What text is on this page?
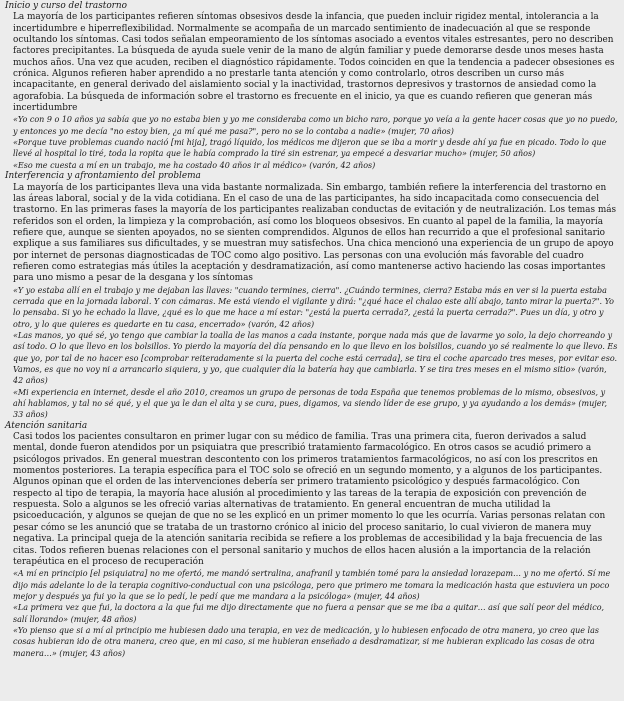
Inicio y curso del trastorno

La mayoría de los participantes refieren síntomas obsesivos desde la infancia, que pueden incluir rigidez mental, intolerancia a la incertidumbre e hiperreflexibilidad. Normalmente se acompaña de un marcado sentimiento de inadecuación al que se responde ocultando los síntomas. Casi todos señalan empeoramiento de los síntomas asociado a eventos vitales estresantes, pero no describen factores precipitantes. La búsqueda de ayuda suele venir de la mano de algún familiar y puede demorarse desde unos meses hasta muchos años. Una vez que acuden, reciben el diagnóstico rápidamente. Todos coinciden en que la tendencia a padecer obsesiones es crónica. Algunos refieren haber aprendido a no prestarle tanta atención y como controlarlo, otros describen un curso más incapacitante, en general derivado del aislamiento social y la inactividad, trastornos depresivos y trastornos de ansiedad como la agorafobia. La búsqueda de información sobre el trastorno es frecuente en el inicio, ya que es cuando refieren que generan más incertidumbre

«Yo con 9 o 10 años ya sabía que yo no estaba bien y yo me consideraba como un bicho raro, porque yo veía a la gente hacer cosas que yo no puedo, y entonces yo me decía "no estoy bien, ¿a mí qué me pasa?", pero no se lo contaba a nadie» (mujer, 70 años)

«Porque tuve problemas cuando nació [mi hija], tragó líquido, los médicos me dijeron que se iba a morir y desde ahí ya fue en picado. Todo lo que llevé al hospital lo tiré, toda la ropita que le había comprado la tiré sin estrenar, ya empecé a desvariar mucho» (mujer, 50 años)

«Eso me cuesta a mí en un trabajo, me ha costado 40 años ir al médico» (varón, 42 años)

Interferencia y afrontamiento del problema

La mayoría de los participantes lleva una vida bastante normalizada. Sin embargo, también refiere la interferencia del trastorno en las áreas laboral, social y de la vida cotidiana. En el caso de una de las participantes, ha sido incapacitada como consecuencia del trastorno. En las primeras fases la mayoría de los participantes realizaban conductas de evitación y de neutralización. Los temas más referidos son el orden, la limpieza y la comprobación, así como los bloqueos obsesivos. En cuanto al papel de la familia, la mayoría refiere que, aunque se sienten apoyados, no se sienten comprendidos. Algunos de ellos han recurrido a que el profesional sanitario explique a sus familiares sus dificultades, y se muestran muy satisfechos. Una chica mencionó una experiencia de un grupo de apoyo por internet de personas diagnosticadas de TOC como algo positivo. Las personas con una evolución más favorable del cuadro refieren como estrategias más útiles la aceptación y desdramatización, así como mantenerse activo haciendo las cosas importantes para uno mismo a pesar de la desgana y los síntomas

«Y yo estaba allí en el trabajo y me dejaban las llaves: "cuando termines, cierra". ¿Cuándo termines, cierra? Estaba más en ver si la puerta estaba cerrada que en la jornada laboral. Y con cámaras. Me está viendo el vigilante y dirá: "¿qué hace el chalao este allí abajo, tanto mirar la puerta?". Yo lo pensaba. Si yo he echado la llave, ¿qué es lo que me hace a mí estar: "¿está la puerta cerrada?, ¿está la puerta cerrada?". Pues un día, y otro y otro, y lo que quieres es quedarte en tu casa, encerrado» (varón, 42 años)

«Las manos, yo qué sé, yo tengo que cambiar la toalla de las manos a cada instante, porque nada más que de lavarme yo solo, la dejo chorreando y así todo. O lo que llevo en los bolsillos. Yo pierdo la mayoría del día pensando en lo que llevo en los bolsillos, cuando yo sé realmente lo que llevo. Es que yo, por tal de no hacer eso [comprobar reiteradamente si la puerta del coche está cerrada], se tira el coche aparcado tres meses, por evitar eso. Vamos, es que no voy ni a arrancarlo siquiera, y yo, que cualquier día la batería hay que cambiarla. Y se tira tres meses en el mismo sitio» (varón, 42 años)

«Mi experiencia en internet, desde el año 2010, creamos un grupo de personas de toda España que tenemos problemas de lo mismo, obsesivos, y ahí hablamos, y tal no sé qué, y el que ya le dan el alta y se cura, pues, digamos, va siendo líder de ese grupo, y ya ayudando a los demás» (mujer, 33 años)

Atención sanitaria

Casi todos los pacientes consultaron en primer lugar con su médico de familia. Tras una primera cita, fueron derivados a salud mental, donde fueron atendidos por un psiquiatra que prescribió tratamiento farmacológico. En otros casos se acudió primero a psicólogos privados. En general muestran descontento con los primeros tratamientos farmacológicos, no así con los prescritos en momentos posteriores. La terapia específica para el TOC solo se ofreció en un segundo momento, y a algunos de los participantes. Algunos opinan que el orden de las intervenciones debería ser primero tratamiento psicológico y después farmacológico. Con respecto al tipo de terapia, la mayoría hace alusión al procedimiento y las tareas de la terapia de exposición con prevención de respuesta. Solo a algunos se les ofreció varias alternativas de tratamiento. En general encuentran de mucha utilidad la psicoeducación, y algunos se quejan de que no se les explicó en un primer momento lo que les ocurría. Varias personas relatan con pesar cómo se les anunció que se trataba de un trastorno crónico al inicio del proceso sanitario, lo cual vivieron de manera muy negativa. La principal queja de la atención sanitaria recibida se refiere a los problemas de accesibilidad y la baja frecuencia de las citas. Todos refieren buenas relaciones con el personal sanitario y muchos de ellos hacen alusión a la importancia de la relación terapéutica en el proceso de recuperación

«A mí en principio [el psiquiatra] no me ofertó, me mandó sertralina, anafranil y también tomé para la ansiedad lorazepam… y no me ofertó. Sí me dijo más adelante lo de la terapia cognitivo-conductual con una psicóloga, pero que primero me tomara la medicación hasta que estuviera un poco mejor y después ya fui yo la que se lo pedí, le pedí que me mandara a la psicóloga» (mujer, 44 años)

«La primera vez que fui, la doctora a la que fui me dijo directamente que no fuera a pensar que se me iba a quitar… así que salí peor del médico, salí llorando» (mujer, 48 años)

«Yo pienso que si a mí al principio me hubiesen dado una terapia, en vez de medicación, y lo hubiesen enfocado de otra manera, yo creo que las cosas hubieran ido de otra manera, creo que, en mi caso, si me hubieran enseñado a desdramatizar, si me hubieran explicado las cosas de otra manera…» (mujer, 43 años)
